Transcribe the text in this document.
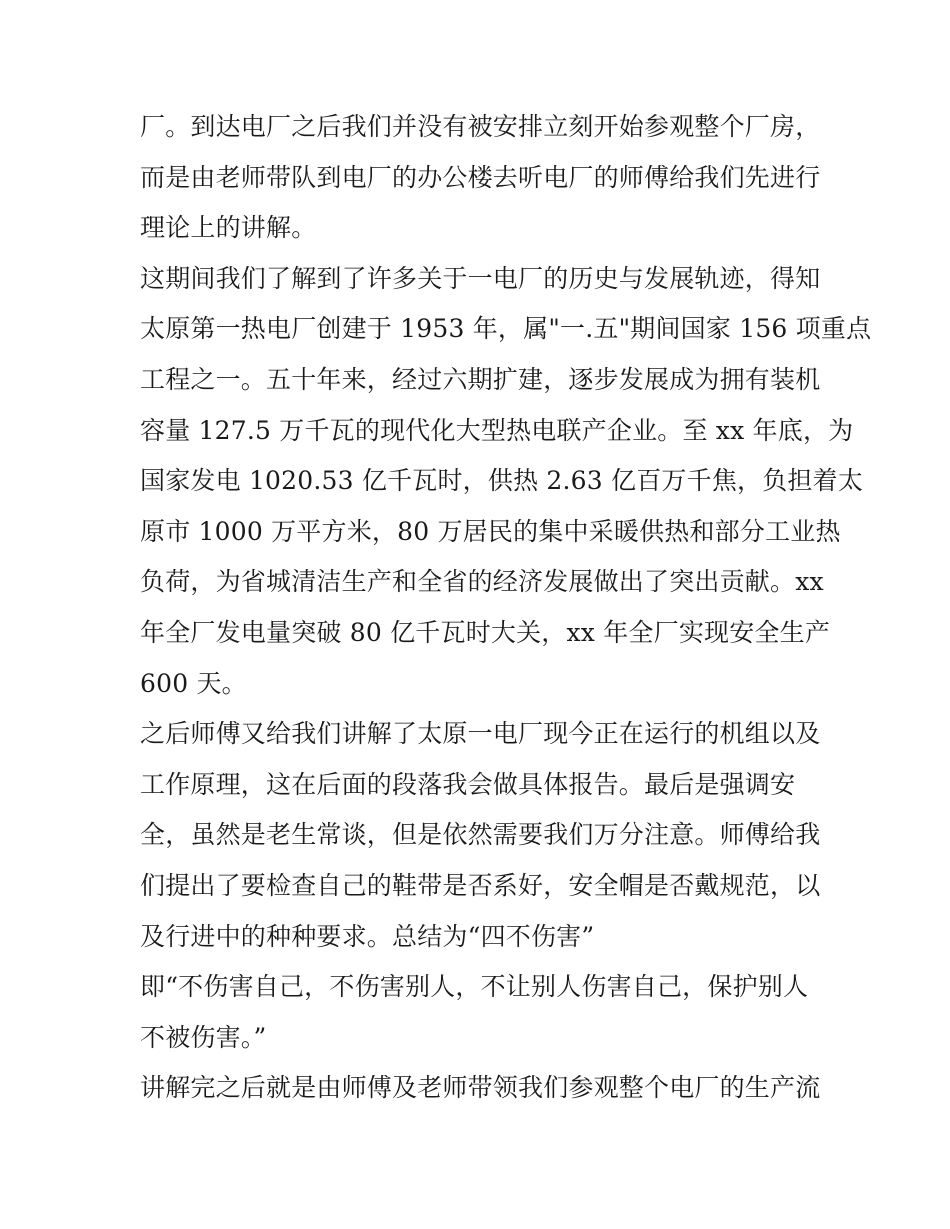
厂。到达电厂之后我们并没有被安排立刻开始参观整个厂房，
而是由老师带队到电厂的办公楼去听电厂的师傅给我们先进行
理论上的讲解。
这期间我们了解到了许多关于一电厂的历史与发展轨迹，得知
太原第一热电厂创建于 1953 年，属"一.五"期间国家 156 项重点
工程之一。五十年来，经过六期扩建，逐步发展成为拥有装机
容量 127.5 万千瓦的现代化大型热电联产企业。至 xx 年底，为
国家发电 1020.53 亿千瓦时，供热 2.63 亿百万千焦，负担着太
原市 1000 万平方米，80 万居民的集中采暖供热和部分工业热
负荷，为省城清洁生产和全省的经济发展做出了突出贡献。xx
年全厂发电量突破 80 亿千瓦时大关，xx 年全厂实现安全生产
600 天。
之后师傅又给我们讲解了太原一电厂现今正在运行的机组以及
工作原理，这在后面的段落我会做具体报告。最后是强调安
全，虽然是老生常谈，但是依然需要我们万分注意。师傅给我
们提出了要检查自己的鞋带是否系好，安全帽是否戴规范，以
及行进中的种种要求。总结为“四不伤害”
即“不伤害自己，不伤害别人，不让别人伤害自己，保护别人
不被伤害。”
讲解完之后就是由师傅及老师带领我们参观整个电厂的生产流
